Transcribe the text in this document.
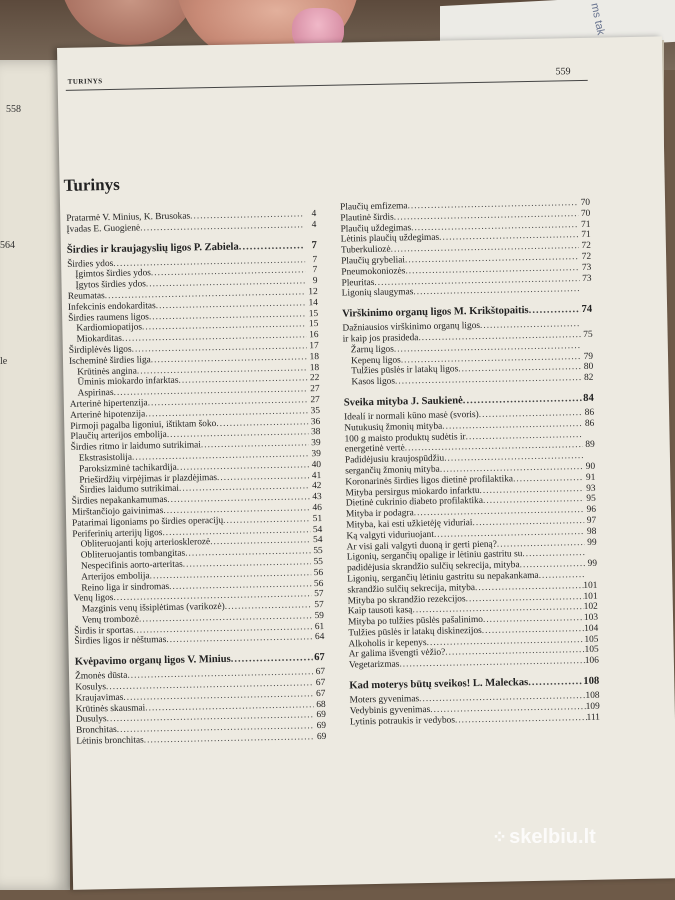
ms tak
558
564
le
TURINYS
559
Turinys
Pratarmė V. Minius, K. Brusokas .....	4
Įvadas E. Guogienė .....	4
Širdies ir kraujagyslių ligos P. Zabiela .....	7
Širdies ydos .....	7
Įgimtos širdies ydos .....	7
Įgytos širdies ydos .....	9
Reumatas .....	12
Infekcinis endokarditas .....	14
Širdies raumens ligos .....	15
Kardiomiopatijos .....	15
Miokarditas .....	16
Širdiplėvės ligos .....	17
Ischeminė širdies liga .....	18
Krūtinės angina .....	18
Ūminis miokardo infarktas .....	22
Aspirinas .....	27
Arterinė hipertenzija .....	27
Arterinė hipotenzija .....	35
Pirmoji pagalba ligoniui, ištiktam šoko .....	36
Plaučių arterijos embolija .....	38
Širdies ritmo ir laidumo sutrikimai .....	39
Ekstrasistolija .....	39
Paroksizminė tachikardija .....	40
Prieširdžių virpėjimas ir plazdėjimas .....	41
Širdies laidumo sutrikimai .....	42
Širdies nepakankamumas .....	43
Mirštančiojo gaivinimas .....	46
Patarimai ligoniams po širdies operacijų .....	51
Periferinių arterijų ligos .....	54
Obliteruojanti kojų arteriosklerozė .....	54
Obliteruojantis tombangitas .....	55
Nespecifinis aorto-arteritas .....	55
Arterijos embolija .....	56
Reino liga ir sindromas .....	56
Venų ligos .....	57
Mazginis venų išsiplėtimas (varikozė) .....	57
Venų trombozė .....	59
Širdis ir sportas .....	61
Širdies ligos ir nėštumas .....	64
Kvėpavimo organų ligos V. Minius .....	67
Žmonės dūsta .....	67
Kosulys .....	67
Kraujavimas .....	67
Krūtinės skausmai .....	68
Dusulys .....	69
Bronchitas .....	69
Lėtinis bronchitas .....	69
Plaučių emfizema .....	70
Plautinė širdis .....	70
Plaučių uždegimas .....	71
Lėtinis plaučių uždegimas .....	71
Tuberkuliozė .....	72
Plaučių grybeliai .....	72
Pneumokoniozės .....	73
Pleuritas .....	73
Ligonių slaugymas
.....
Virškinimo organų ligos M. Krikštopaitis .....	74
Dažniausios virškinimo organų ligos
.....
ir kaip jos prasideda .....	75
Žarnų ligos
.....
Kepenų ligos .....	79
Tulžies pūslės ir latakų ligos .....	80
Kasos ligos .....	82
Sveika mityba J. Saukienė .....	84
Idealí ir normali kūno masė (svoris) .....	86
Nutukusių žmonių mityba .....	86
100 g maisto produktų sudėtis ir
.....
energetinė vertė .....	89
Padidėjusiu kraujospūdžiu
.....
sergančių žmonių mityba .....	90
Koronarinės širdies ligos dietinė profilaktika .....	91
Mityba persirgus miokardo infarktu .....	93
Dietinė cukrinio diabeto profilaktika .....	95
Mityba ir podagra .....	96
Mityba, kai esti užkietėję viduriai .....	97
Ką valgyti viduriuojant .....	98
Ar visi gali valgyti duoną ir gerti pieną? .....	99
Ligonių, sergančių opalige ir lėtiniu gastritu su
.....
padidėjusia skrandžio sulčių sekrecija, mityba .....	99
Ligonių, sergančių lėtiniu gastritu su nepakankama
.....
skrandžio sulčių sekrecija, mityba .....	101
Mityba po skrandžio rezekcijos .....	101
Kaip tausoti kasą .....	102
Mityba po tulžies pūslės pašalinimo .....	103
Tulžies pūslės ir latakų diskinezijos .....	104
Alkoholis ir kepenys .....	105
Ar galima išvengti vėžio? .....	105
Vegetarizmas .....	106
Kad moterys būtų sveikos! L. Maleckas .....	108
Moters gyvenimas .....	108
Vedybinis gyvenimas .....	109
Lytinis potraukis ir vedybos .....	111
⁘ skelbiu.lt
